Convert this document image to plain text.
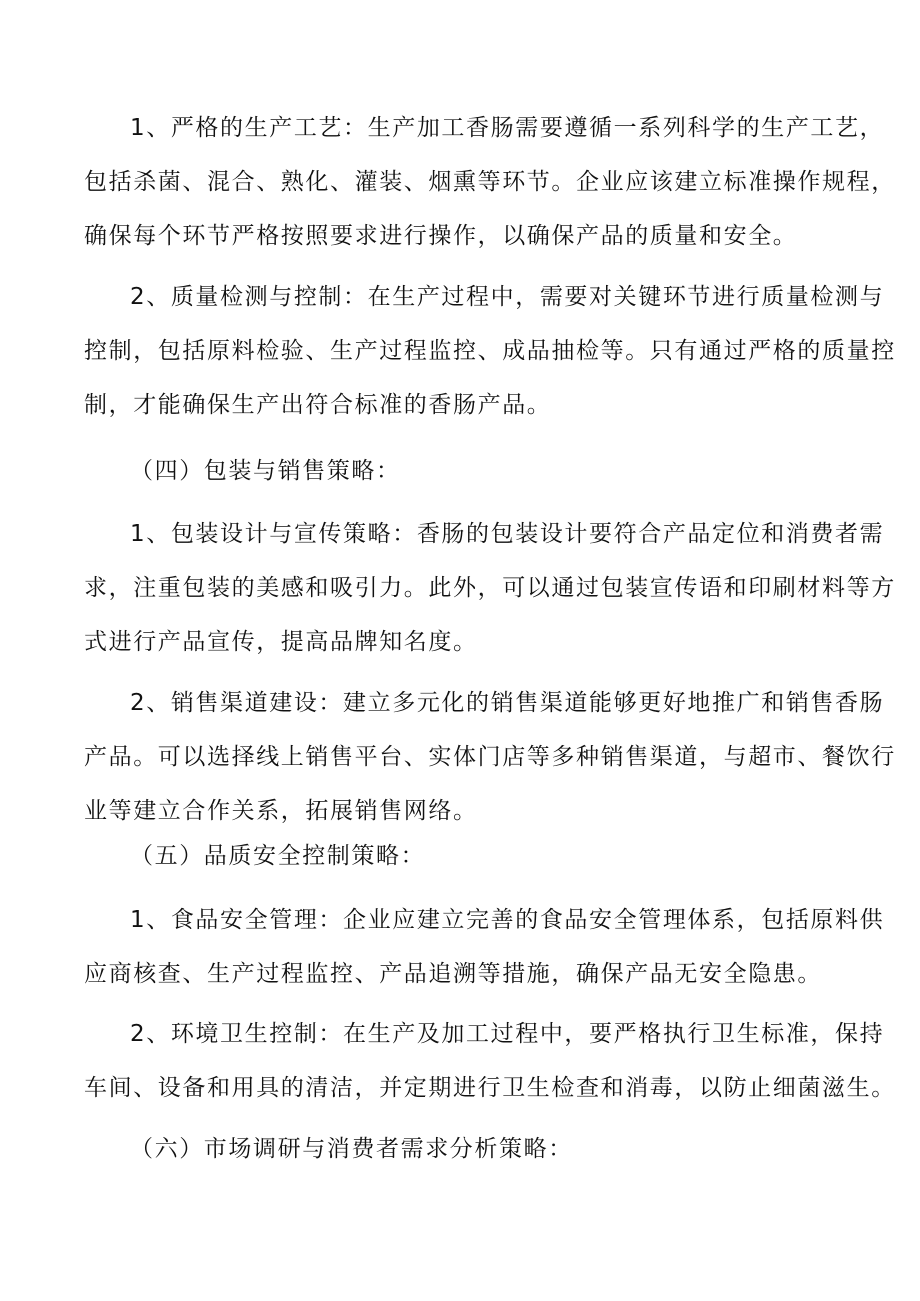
1、严格的生产工艺：生产加工香肠需要遵循一系列科学的生产工艺，
包括杀菌、混合、熟化、灌装、烟熏等环节。企业应该建立标准操作规程，
确保每个环节严格按照要求进行操作，以确保产品的质量和安全。
2、质量检测与控制：在生产过程中，需要对关键环节进行质量检测与
控制，包括原料检验、生产过程监控、成品抽检等。只有通过严格的质量控
制，才能确保生产出符合标准的香肠产品。
（四）包装与销售策略：
1、包装设计与宣传策略：香肠的包装设计要符合产品定位和消费者需
求，注重包装的美感和吸引力。此外，可以通过包装宣传语和印刷材料等方
式进行产品宣传，提高品牌知名度。
2、销售渠道建设：建立多元化的销售渠道能够更好地推广和销售香肠
产品。可以选择线上销售平台、实体门店等多种销售渠道，与超市、餐饮行
业等建立合作关系，拓展销售网络。
（五）品质安全控制策略：
1、食品安全管理：企业应建立完善的食品安全管理体系，包括原料供
应商核查、生产过程监控、产品追溯等措施，确保产品无安全隐患。
2、环境卫生控制：在生产及加工过程中，要严格执行卫生标准，保持
车间、设备和用具的清洁，并定期进行卫生检查和消毒，以防止细菌滋生。
（六）市场调研与消费者需求分析策略：
